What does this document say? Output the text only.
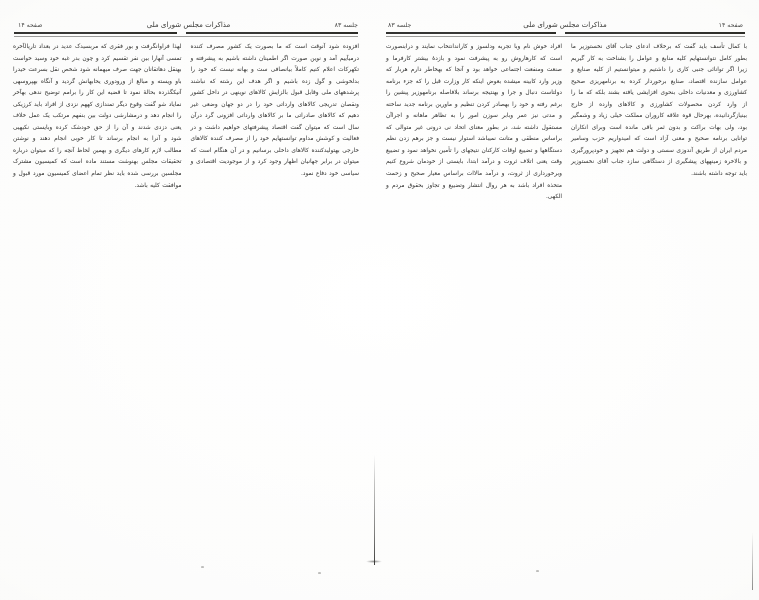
جلسه ۸۳
مذاکرات مجلس شورای ملی
صفحه ۱۴
افزوده شود آنوقت است که ما بصورت یک کشور مصرف کننده درمیآییم آمد و نوین صورت اگر اطمینان داشته باشیم به پیشرفته و تکهرکات اعلام کنیم کاملاً بیانصافی ست و بهانه نیست که خود را بدلخوشی و گول زده باشیم و اگر هدف این رشته که نباشند پرشدههای ملی وقابل قبول بالزایش کالاهای نوینهی در داخل کشور ونقصان تدریجی کالاهای وارداتی خود را در دو جهان وضعی غیر دهیم که کالاهای صادراتی ما بر کالاهای وارداتی افزونی گرد درآن سال است که میتوان گفت اقتصاد پیشرفتهای خواهیم داشت و در فعالیت و کوشش مداوم توانستهایم خود را از مصرف کننده کالاهای خارجی بهتولیدکننده کالاهای داخلی برسانیم و در آن هنگام است که میتوان در برابر جهانیان اظهار وجود کرد و از موجودیت اقتصادی و سیاسی خود دفاع نمود.
لهذا فراوانگرفت و بور فقری که مربسیدک عدید در بعداد تاریالآخره تمسی آنهارا بین نفر تقسیم کرد و چون بدر غبه خود وسید خواست بهنقل دهاتقانان جهت صرف میهمانه شود شخص نقل بسرعت خیدرا باو ویسته و مبالغ از ورودوری یحابهانش گردید و آنگاه بهپروسهی آنیکگذرده بحالهٔ نمود تا قضیه این کار را برامم توضیح ندهی بهآخر نمایاد شو گفت وقوع دیگر تمندازی کههم نزدی از افراد باید کرزیکی را انجام دهد و درمشارشی دولت بین بنفهم مرتکب یک عمل خلاف یعنی دزدی شدند و آن را از حق خودشک کرده وبایستی نکیهیی شود و آنرا به انجام برساند تا کار خوبی انجام دهند و نوشتن مطالب لازم کارهای دیگری و بهمین لحاظ آنچه را که میتوان درباره تحقیقات مجلس بهنوشت مستند ماده است که کمیسیون مشترک مجلسین بررسی شده باید نظر تمام اعضای کمیسیون مورد قبول و موافقت کلیه باشد.
صفحه ۱۴
مذاکرات مجلس شورای ملی
جلسه ۸۳
با کمال تأسف باید گفت که برخلاف ادعای جناب آقای نخستوزیر ما بطور کامل نتوانستهایم کلیه منابع و عوامل را بشناخت به کار گیریم زیرا اگر توانائی جنبی کاری را داشتیم و میتوانستیم از کلیه صنایع و عوامل سازنده اقتصاد، صنایع برخوردار کرده به برنامهریزی صحیح کشاورزی و معدنیات داخلی بنحوی افزایشی یافته بشند بلکه که ما را از وارد کردن محصولات کشاورزی و کالاهای وارده از خارج بینیازگردانیده، بهرحال قوه علاقه کاروران مملکت خیلی زیاد و وشمگیر بود، ولی بهات براکت و بدون ثمر باقی مانده است وبرای انکاران توانایی برنامه صحیح و معنی آزاد است که امیدواریم حزب وسامیر مردم ایران از طریق آندوزی سستی و دولت هم تجهیز و خودپرورگیری و بالاخره زمینههای پیشگیری از دستگاهی سازد جناب آقای نخستوزیر باید توجه داشته باشند.
افراد خوش نام وبا تجربه ودلسوز و کاراندانتخاب نمایند و درابنصورت است که کارهاروش رو به پیشرفت نمود و بازدهٔ بیشتر کارفرما و صنعت ومنفعت اجتماعی خواهد بود و آنجا که بهخاطر دارم هربار که وزیر وارد کابینه میشده بعوض اینکه کار وزارت قبل را که جزء برنامه دولتاست دنبال و جرا و بهنتیجه برساند بلافاصله برنامهوزیر پیشین را برغم رفته و خود را بهصادر کردن تنظیم و ماورین برنامه جدید ساخته و مدتی نیز عمر وبابر سوزن امور را به تظاهر ماهانه و اجراآن مستقول داشته شد، در بطور معنای اتحاد نی درونی غیر متوالی که براساس منطقی و متانت نمیباشد استوار نیست و جز برهم زدن نظم دستگاهها و تضییع اوقات کارکنان نتیجهای را تأمین نخواهد نمود و تضییع وقت یعنی اتلاف ثروت و درآمد ابتدا، بایستی از خودمان شروع کنیم وبرخورداری از ثروت، و درآمد مالاات براساس معیار صحیح و زحمت متخذه افراد باشد به هر روال انتشار وتضییع و تجاوز بحقوق مردم و الکهی.
